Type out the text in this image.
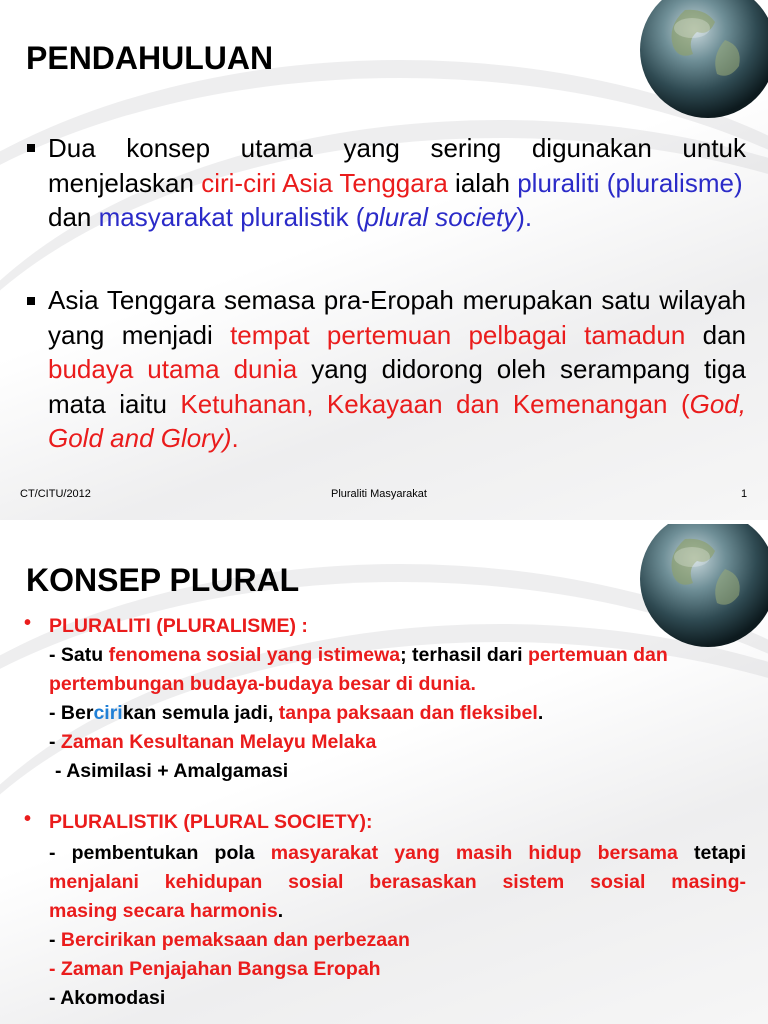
PENDAHULUAN
Dua konsep utama yang sering digunakan untuk
menjelaskan ciri-ciri Asia Tenggara ialah pluraliti (pluralisme)
dan masyarakat pluralistik (plural society).
Asia Tenggara semasa pra-Eropah merupakan satu wilayah
yang menjadi tempat pertemuan pelbagai tamadun dan
budaya utama dunia yang didorong oleh serampang tiga
mata iaitu Ketuhanan, Kekayaan dan Kemenangan (God,
Gold and Glory).
CT/CITU/2012	Pluraliti Masyarakat	1
KONSEP PLURAL
• PLURALITI (PLURALISME) :
- Satu fenomena sosial yang istimewa; terhasil dari pertemuan dan
pertembungan budaya-budaya besar di dunia.
- Bercirikan semula jadi, tanpa paksaan dan fleksibel.
- Zaman Kesultanan Melayu Melaka
- Asimilasi + Amalgamasi
• PLURALISTIK (PLURAL SOCIETY):
- pembentukan pola masyarakat yang masih hidup bersama tetapi
menjalani kehidupan sosial berasaskan sistem sosial masing-
masing secara harmonis.
- Bercirikan pemaksaan dan perbezaan
- Zaman Penjajahan Bangsa Eropah
- Akomodasi
